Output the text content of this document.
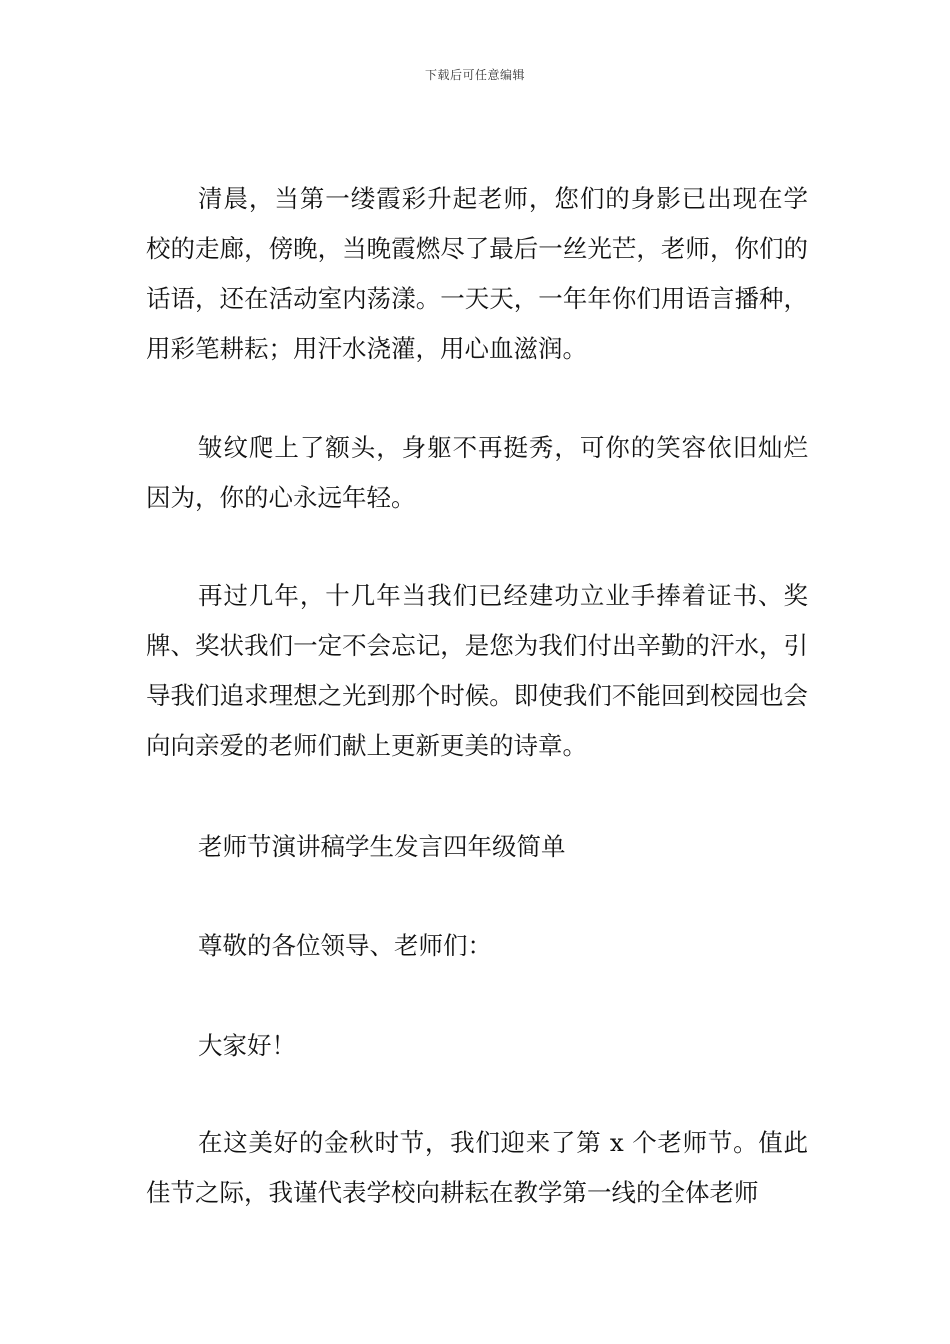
下载后可任意编辑

清晨，当第一缕霞彩升起老师，您们的身影已出现在学校的走廊，傍晚，当晚霞燃尽了最后一丝光芒，老师，你们的话语，还在活动室内荡漾。一天天，一年年你们用语言播种，用彩笔耕耘；用汗水浇灌，用心血滋润。

皱纹爬上了额头，身躯不再挺秀，可你的笑容依旧灿烂因为，你的心永远年轻。

再过几年，十几年当我们已经建功立业手捧着证书、奖牌、奖状我们一定不会忘记，是您为我们付出辛勤的汗水，引导我们追求理想之光到那个时候。即使我们不能回到校园也会向向亲爱的老师们献上更新更美的诗章。

老师节演讲稿学生发言四年级简单

尊敬的各位领导、老师们：

大家好！

在这美好的金秋时节，我们迎来了第 x 个老师节。值此佳节之际，我谨代表学校向耕耘在教学第一线的全体老师
